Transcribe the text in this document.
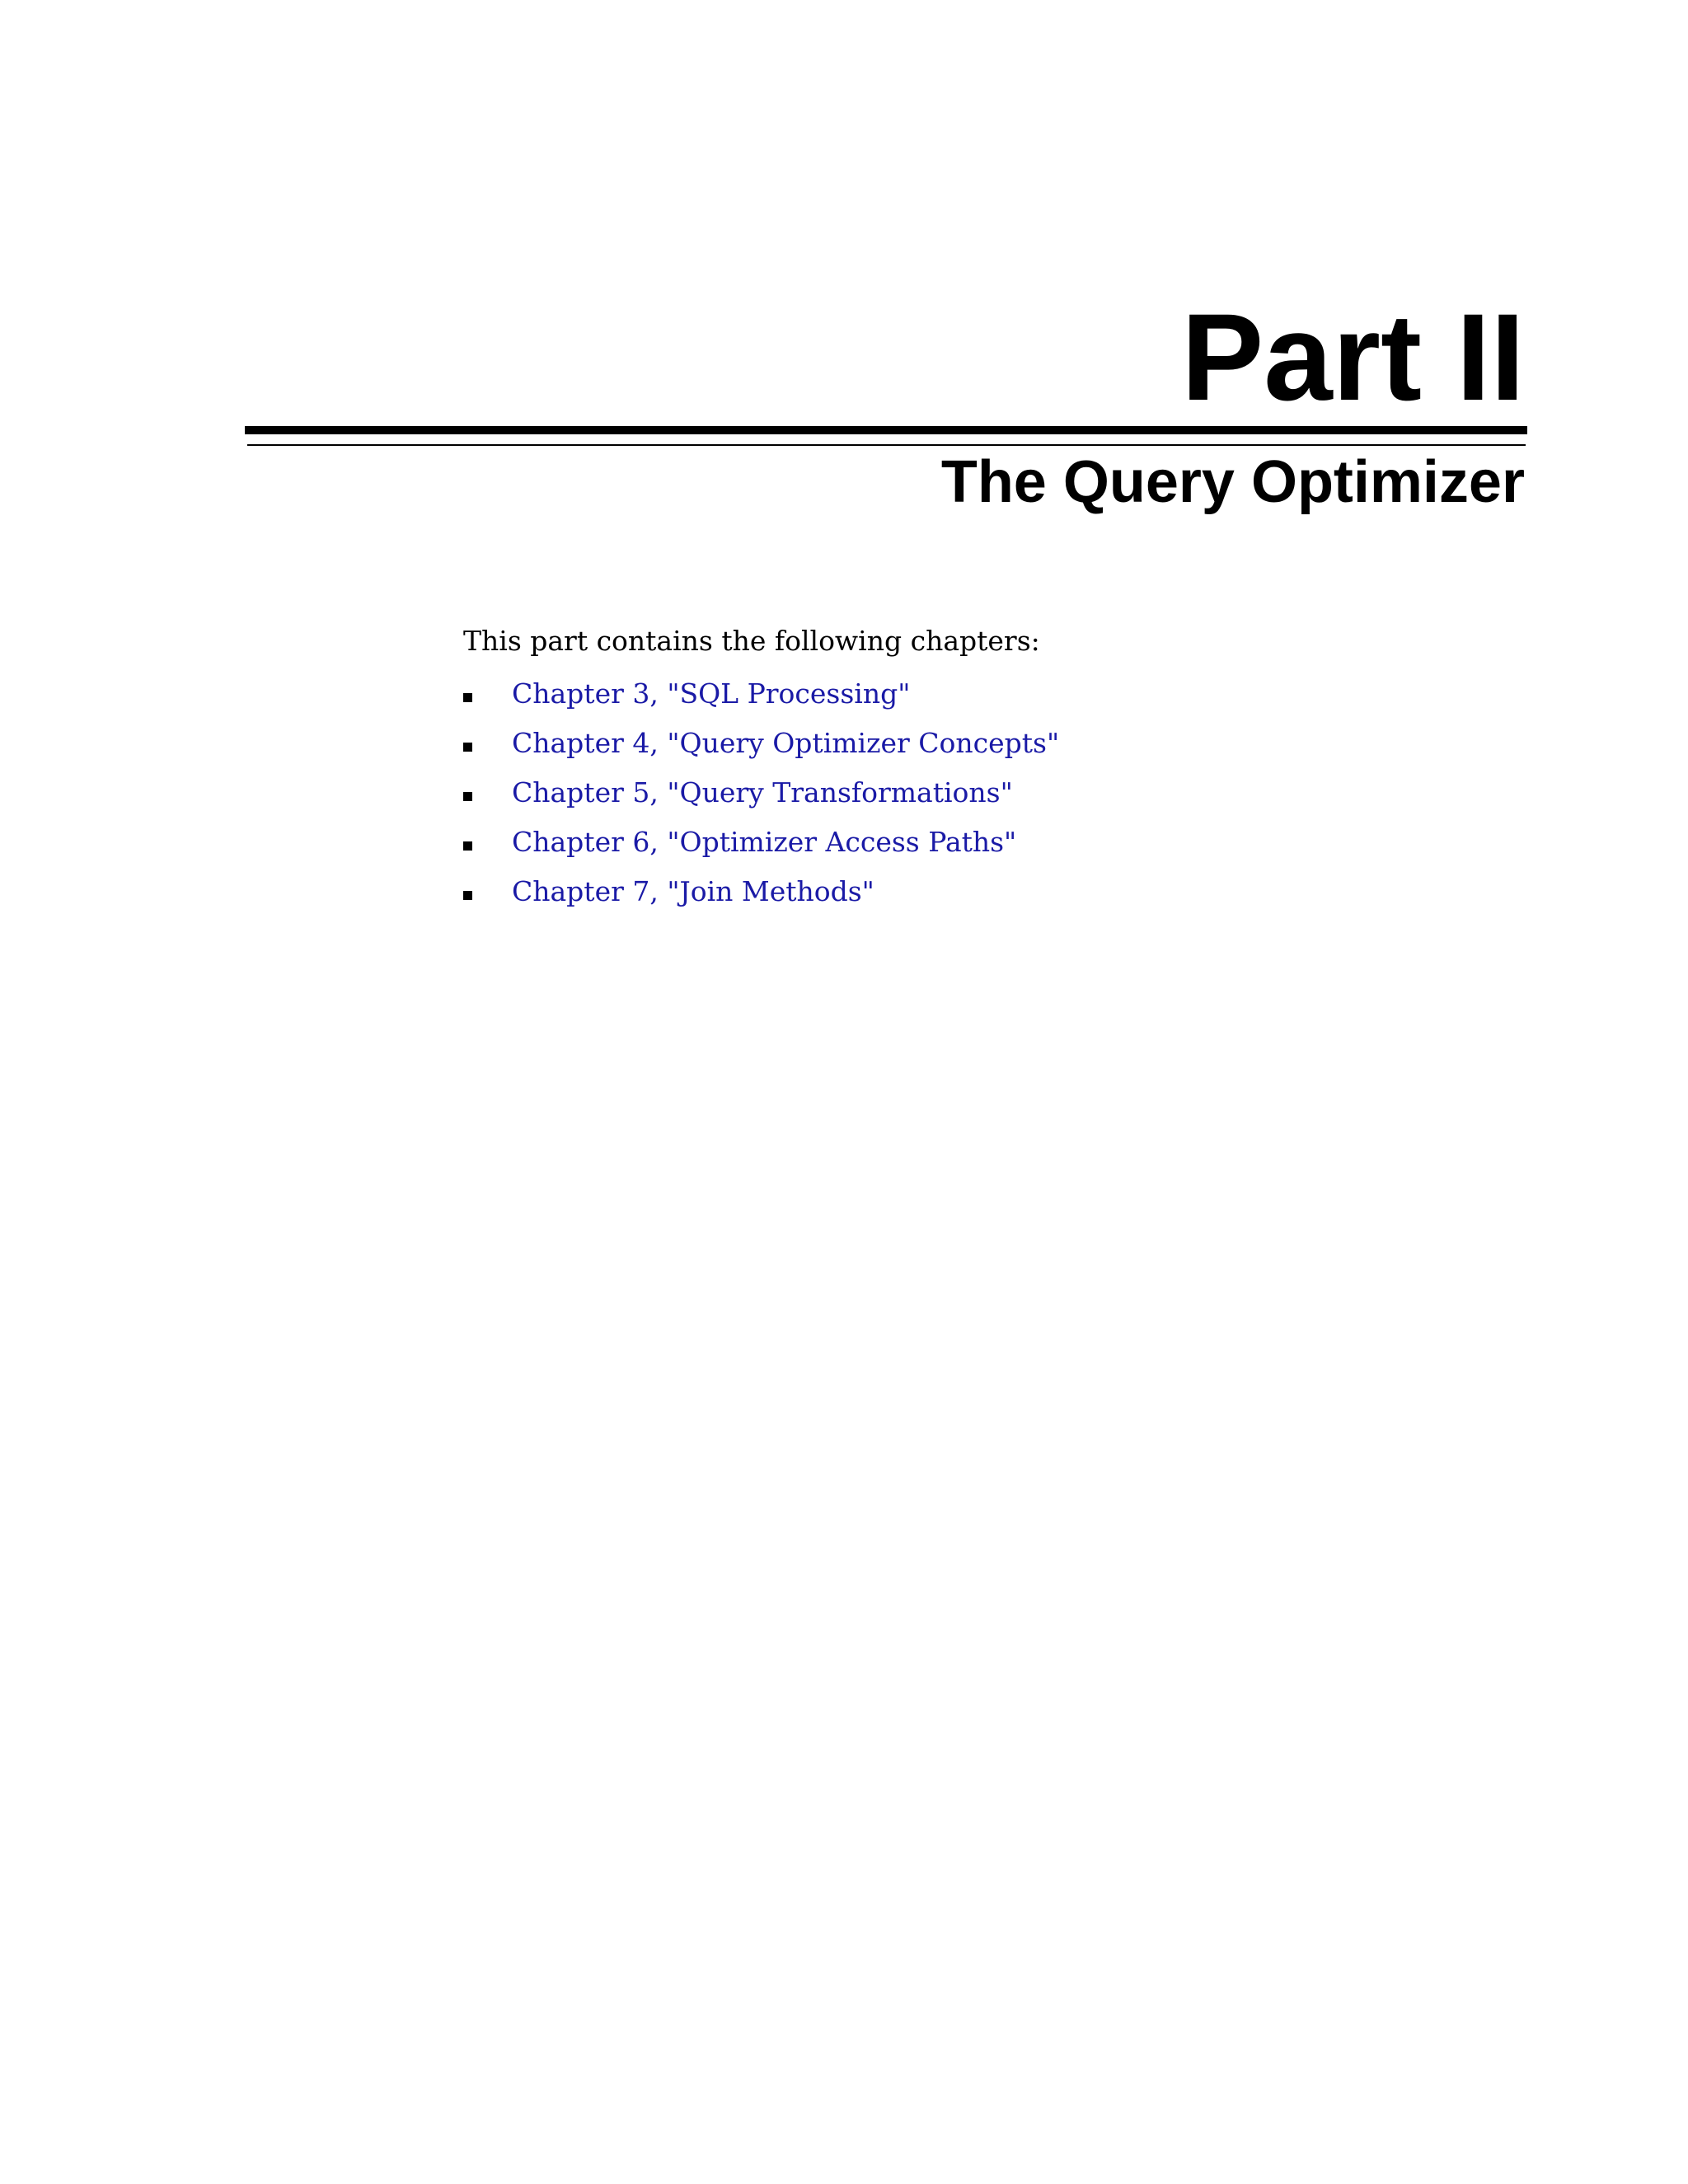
Part II
The Query Optimizer

This part contains the following chapters:

Chapter 3, "SQL Processing"
Chapter 4, "Query Optimizer Concepts"
Chapter 5, "Query Transformations"
Chapter 6, "Optimizer Access Paths"
Chapter 7, "Join Methods"
